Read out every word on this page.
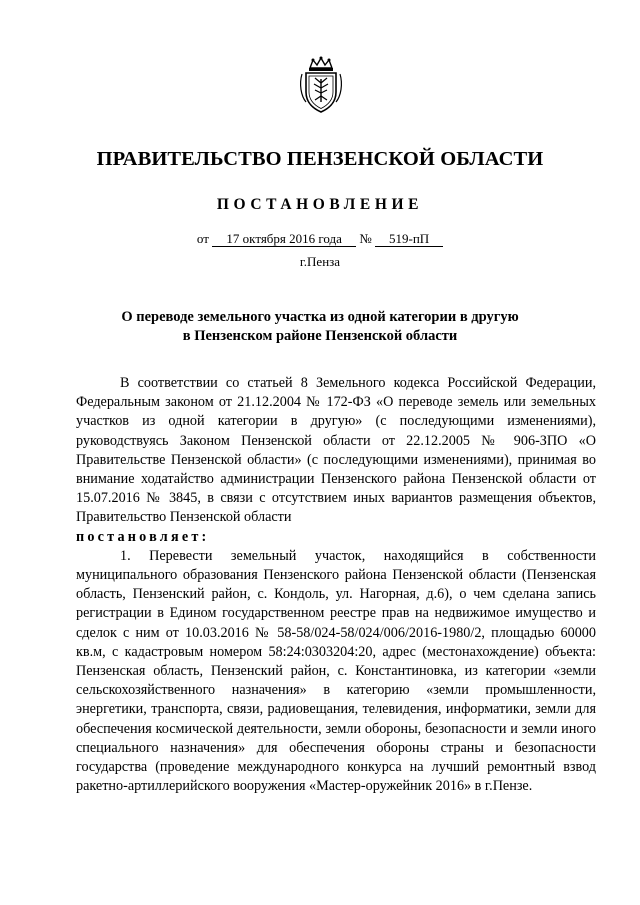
ПРАВИТЕЛЬСТВО ПЕНЗЕНСКОЙ ОБЛАСТИ
ПОСТАНОВЛЕНИЕ
от 17 октября 2016 года № 519-пП
г.Пенза
О переводе земельного участка из одной категории в другую
в Пензенском районе Пензенской области

В соответствии со статьей 8 Земельного кодекса Российской Федерации, Федеральным законом от 21.12.2004 № 172-ФЗ «О переводе земель или земельных участков из одной категории в другую» (с последующими изменениями), руководствуясь Законом Пензенской области от 22.12.2005 № 906-ЗПО «О Правительстве Пензенской области» (с последующими изменениями), принимая во внимание ходатайство администрации Пензенского района Пензенской области от 15.07.2016 № 3845, в связи с отсутствием иных вариантов размещения объектов, Правительство Пензенской области

постановляет:

1. Перевести земельный участок, находящийся в собственности муниципального образования Пензенского района Пензенской области (Пензенская область, Пензенский район, с. Кондоль, ул. Нагорная, д.6), о чем сделана запись регистрации в Едином государственном реестре прав на недвижимое имущество и сделок с ним от 10.03.2016 № 58-58/024-58/024/006/2016-1980/2, площадью 60000 кв.м, с кадастровым номером 58:24:0303204:20, адрес (местонахождение) объекта: Пензенская область, Пензенский район, с. Константиновка, из категории «земли сельскохозяйственного назначения» в категорию «земли промышленности, энергетики, транспорта, связи, радиовещания, телевидения, информатики, земли для обеспечения космической деятельности, земли обороны, безопасности и земли иного специального назначения» для обеспечения обороны страны и безопасности государства (проведение международного конкурса на лучший ремонтный взвод ракетно-артиллерийского вооружения «Мастер-оружейник 2016» в г.Пензе.
